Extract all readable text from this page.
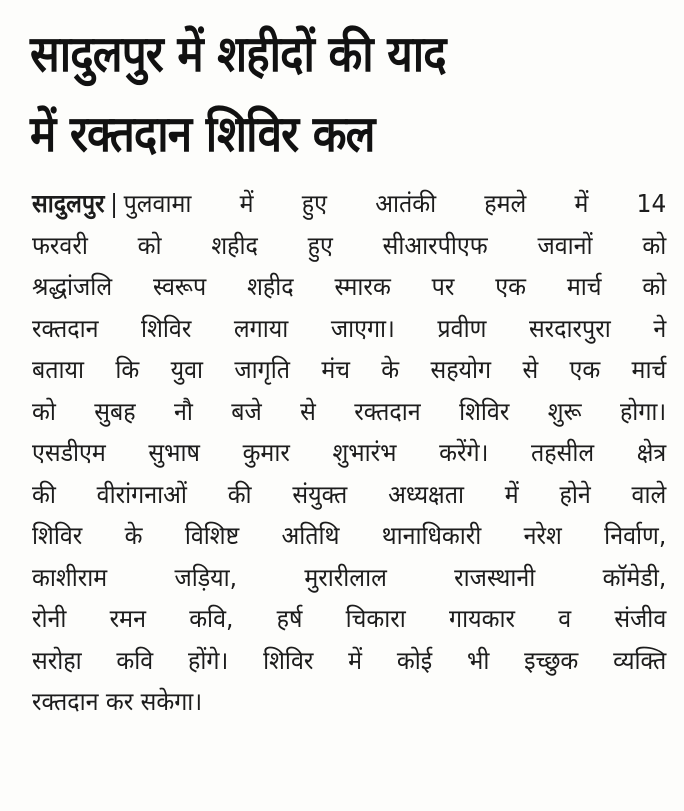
सादुलपुर में शहीदों की याद
में रक्तदान शिविर कल
सादुलपुर | पुलवामा में हुए आतंकी हमले में 14
फरवरी को शहीद हुए सीआरपीएफ जवानों को
श्रद्धांजलि स्वरूप शहीद स्मारक पर एक मार्च को
रक्तदान शिविर लगाया जाएगा। प्रवीण सरदारपुरा ने
बताया कि युवा जागृति मंच के सहयोग से एक मार्च
को सुबह नौ बजे से रक्तदान शिविर शुरू होगा।
एसडीएम सुभाष कुमार शुभारंभ करेंगे। तहसील क्षेत्र
की वीरांगनाओं की संयुक्त अध्यक्षता में होने वाले
शिविर के विशिष्ट अतिथि थानाधिकारी नरेश निर्वाण,
काशीराम जड़िया, मुरारीलाल राजस्थानी कॉमेडी,
रोनी रमन कवि, हर्ष चिकारा गायकार व संजीव
सरोहा कवि होंगे। शिविर में कोई भी इच्छुक व्यक्ति
रक्तदान कर सकेगा।
